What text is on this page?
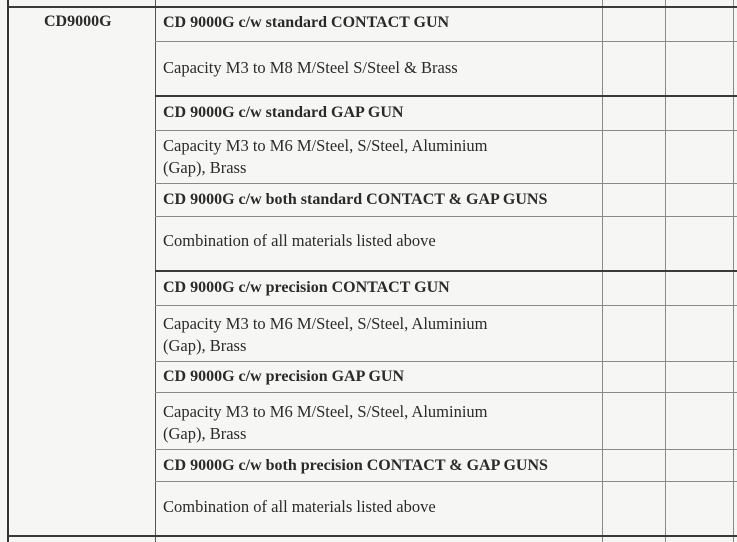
CD9000G	CD 9000G c/w standard CONTACT GUN
Capacity M3 to M8 M/Steel S/Steel & Brass
CD 9000G c/w standard GAP GUN
Capacity M3 to M6 M/Steel, S/Steel, Aluminium
(Gap), Brass
CD 9000G c/w both standard CONTACT & GAP GUNS
Combination of all materials listed above
CD 9000G c/w precision CONTACT GUN
Capacity M3 to M6 M/Steel, S/Steel, Aluminium
(Gap), Brass
CD 9000G c/w precision GAP GUN
Capacity M3 to M6 M/Steel, S/Steel, Aluminium
(Gap), Brass
CD 9000G c/w both precision CONTACT & GAP GUNS
Combination of all materials listed above
